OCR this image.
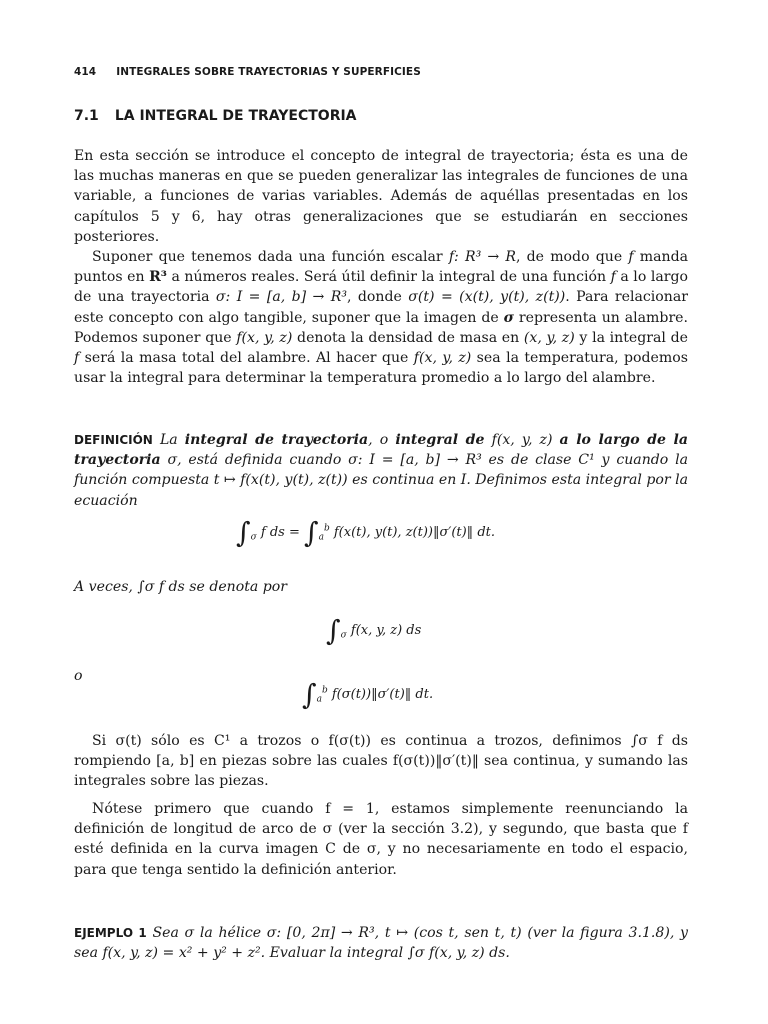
414 INTEGRALES SOBRE TRAYECTORIAS Y SUPERFICIES
7.1 LA INTEGRAL DE TRAYECTORIA

En esta sección se introduce el concepto de integral de trayectoria; ésta es una de las muchas maneras en que se pueden generalizar las integrales de funciones de una variable, a funciones de varias variables. Además de aquéllas presentadas en los capítulos 5 y 6, hay otras generalizaciones que se estudiarán en secciones posteriores.

Suponer que tenemos dada una función escalar f: R³ → R, de modo que f manda puntos en R³ a números reales. Será útil definir la integral de una función f a lo largo de una trayectoria σ: I = [a, b] → R³, donde σ(t) = (x(t), y(t), z(t)). Para relacionar este concepto con algo tangible, suponer que la imagen de σ representa un alambre. Podemos suponer que f(x, y, z) denota la densidad de masa en (x, y, z) y la integral de f será la masa total del alambre. Al hacer que f(x, y, z) sea la temperatura, podemos usar la integral para determinar la temperatura promedio a lo largo del alambre.

DEFINICIÓN La integral de trayectoria, o integral de f(x, y, z) a lo largo de la trayectoria σ, está definida cuando σ: I = [a, b] → R³ es de clase C¹ y cuando la función compuesta t ↦ f(x(t), y(t), z(t)) es continua en I. Definimos esta integral por la ecuación

$\int_\sigma$ f ds = $\int_a^b$ f(x(t), y(t), z(t))‖σ′(t)‖ dt.

A veces, ∫σ f ds se denota por

$\int_\sigma$ f(x, y, z) ds

o

$\int_a^b$ f(σ(t))‖σ′(t)‖ dt.

Si σ(t) sólo es C¹ a trozos o f(σ(t)) es continua a trozos, definimos ∫σ f ds rompiendo [a, b] en piezas sobre las cuales f(σ(t))‖σ′(t)‖ sea continua, y sumando las integrales sobre las piezas.

Nótese primero que cuando f = 1, estamos simplemente reenunciando la definición de longitud de arco de σ (ver la sección 3.2), y segundo, que basta que f esté definida en la curva imagen C de σ, y no necesariamente en todo el espacio, para que tenga sentido la definición anterior.

EJEMPLO 1 Sea σ la hélice σ: [0, 2π] → R³, t ↦ (cos t, sen t, t) (ver la figura 3.1.8), y sea f(x, y, z) = x² + y² + z². Evaluar la integral ∫σ f(x, y, z) ds.
